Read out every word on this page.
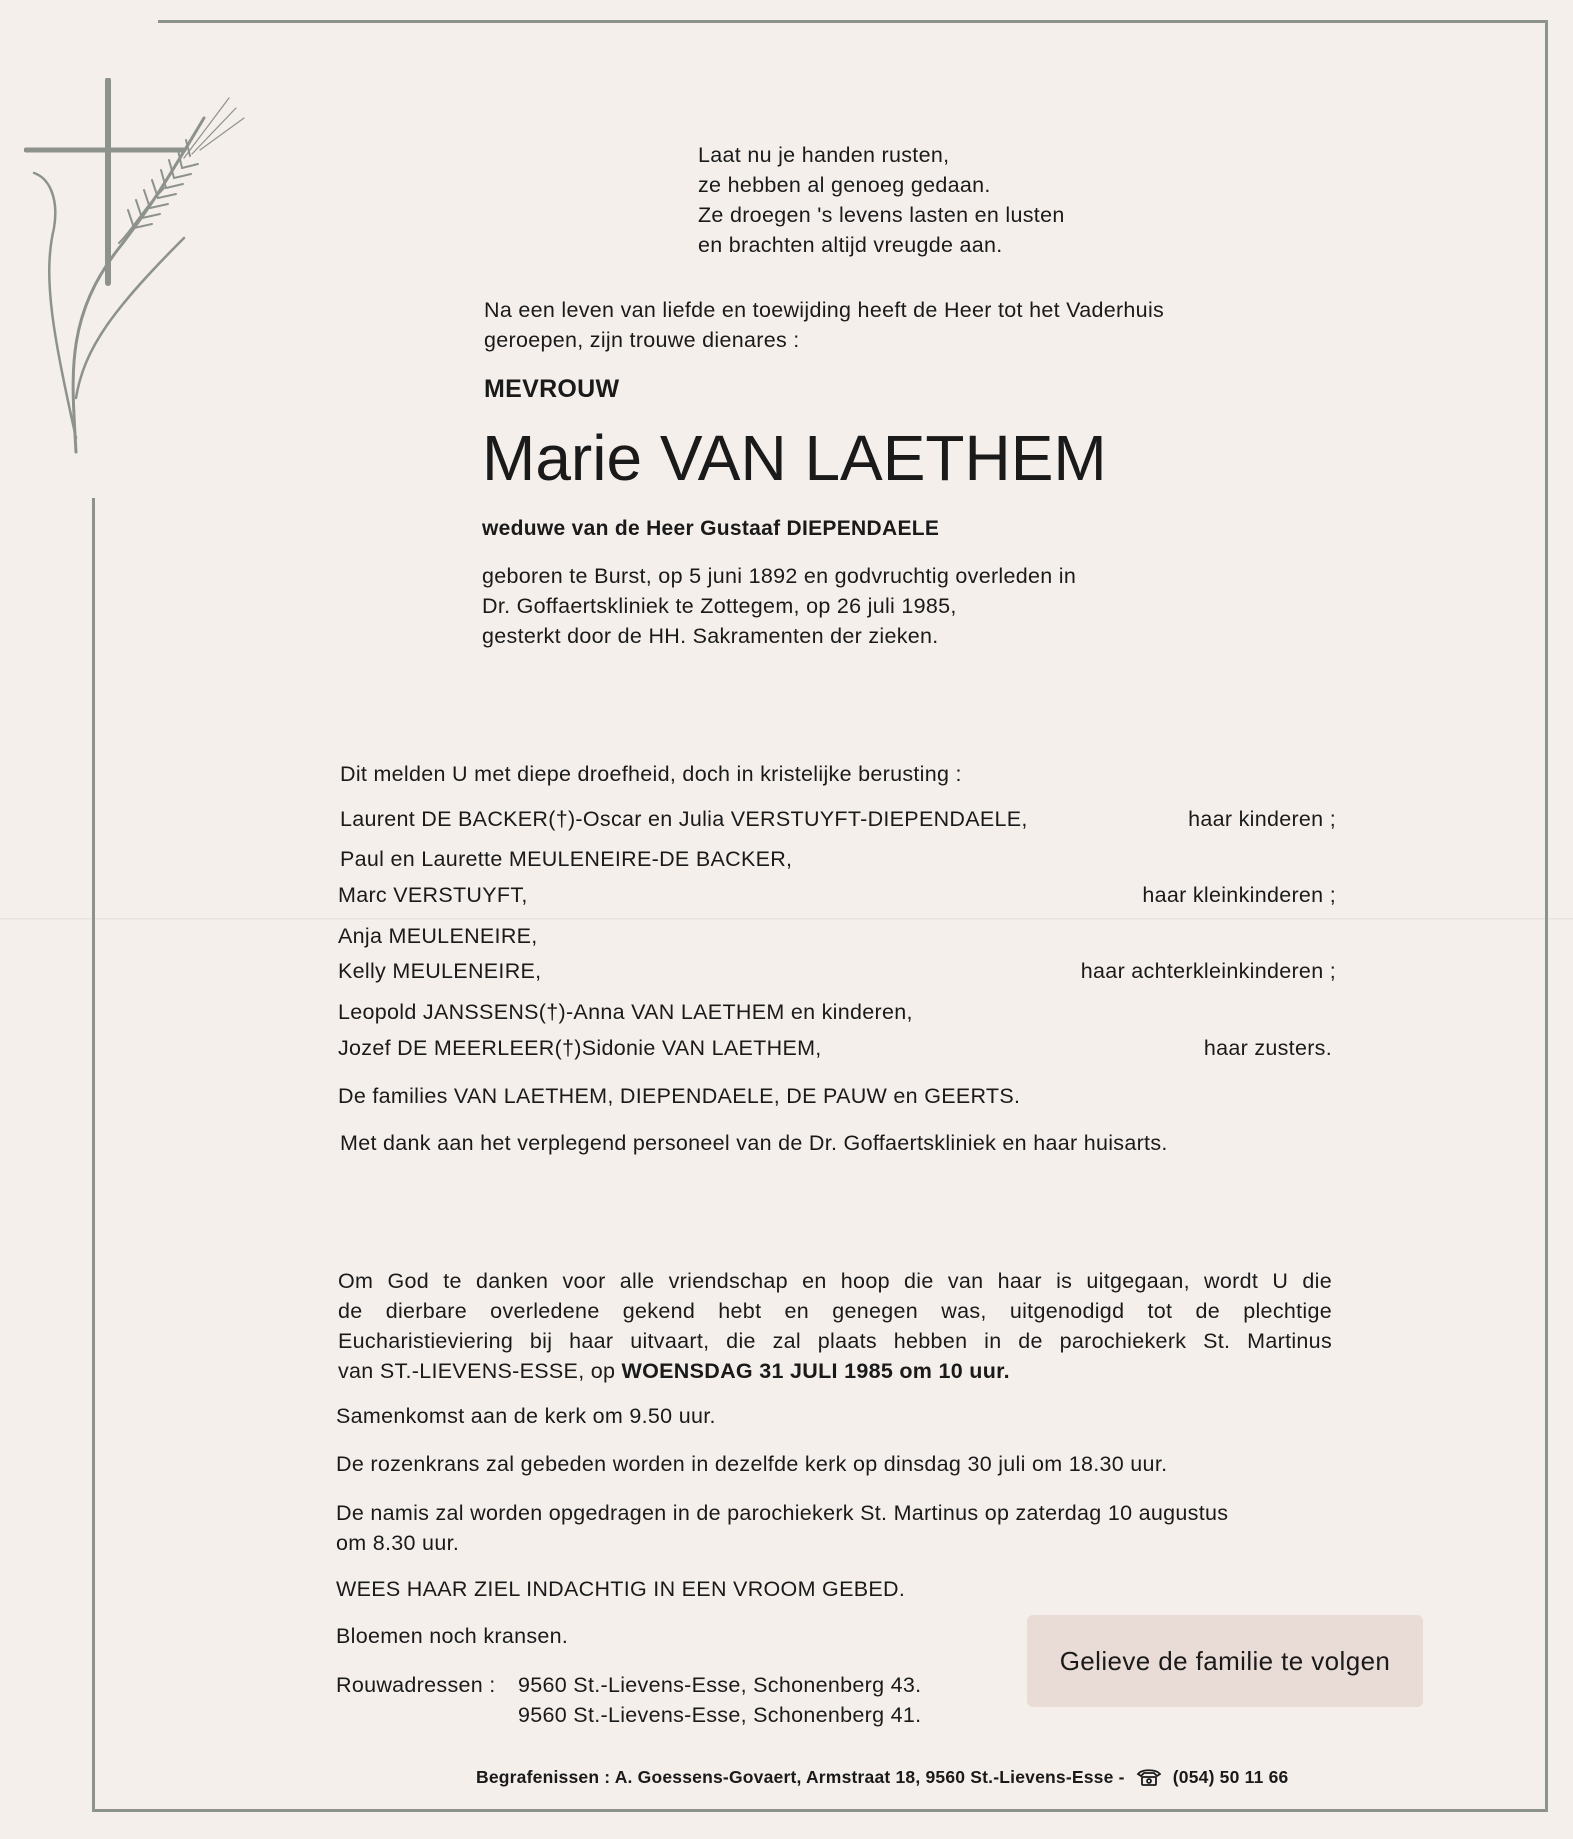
Laat nu je handen rusten,
ze hebben al genoeg gedaan.
Ze droegen 's levens lasten en lusten
en brachten altijd vreugde aan.
Na een leven van liefde en toewijding heeft de Heer tot het Vaderhuis
geroepen, zijn trouwe dienares :
MEVROUW
Marie VAN LAETHEM
weduwe van de Heer Gustaaf DIEPENDAELE
geboren te Burst, op 5 juni 1892 en godvruchtig overleden in
Dr. Goffaertskliniek te Zottegem, op 26 juli 1985,
gesterkt door de HH. Sakramenten der zieken.
Dit melden U met diepe droefheid, doch in kristelijke berusting :
Laurent DE BACKER(†)-Oscar en Julia VERSTUYFT-DIEPENDAELE,	haar kinderen ;
Paul en Laurette MEULENEIRE-DE BACKER,
Marc VERSTUYFT,	haar kleinkinderen ;
Anja MEULENEIRE,
Kelly MEULENEIRE,	haar achterkleinkinderen ;
Leopold JANSSENS(†)-Anna VAN LAETHEM en kinderen,
Jozef DE MEERLEER(†)Sidonie VAN LAETHEM,	haar zusters.
De families VAN LAETHEM, DIEPENDAELE, DE PAUW en GEERTS.
Met dank aan het verplegend personeel van de Dr. Goffaertskliniek en haar huisarts.
Om God te danken voor alle vriendschap en hoop die van haar is uitgegaan, wordt U die
de dierbare overledene gekend hebt en genegen was, uitgenodigd tot de plechtige
Eucharistieviering bij haar uitvaart, die zal plaats hebben in de parochiekerk St. Martinus
van ST.-LIEVENS-ESSE, op WOENSDAG 31 JULI 1985 om 10 uur.
Samenkomst aan de kerk om 9.50 uur.
De rozenkrans zal gebeden worden in dezelfde kerk op dinsdag 30 juli om 18.30 uur.
De namis zal worden opgedragen in de parochiekerk St. Martinus op zaterdag 10 augustus
om 8.30 uur.
WEES HAAR ZIEL INDACHTIG IN EEN VROOM GEBED.
Bloemen noch kransen.
Gelieve de familie te volgen
Rouwadressen : 9560 St.-Lievens-Esse, Schonenberg 43.
9560 St.-Lievens-Esse, Schonenberg 41.
Begrafenissen : A. Goessens-Govaert, Armstraat 18, 9560 St.-Lievens-Esse -	(054) 50 11 66
